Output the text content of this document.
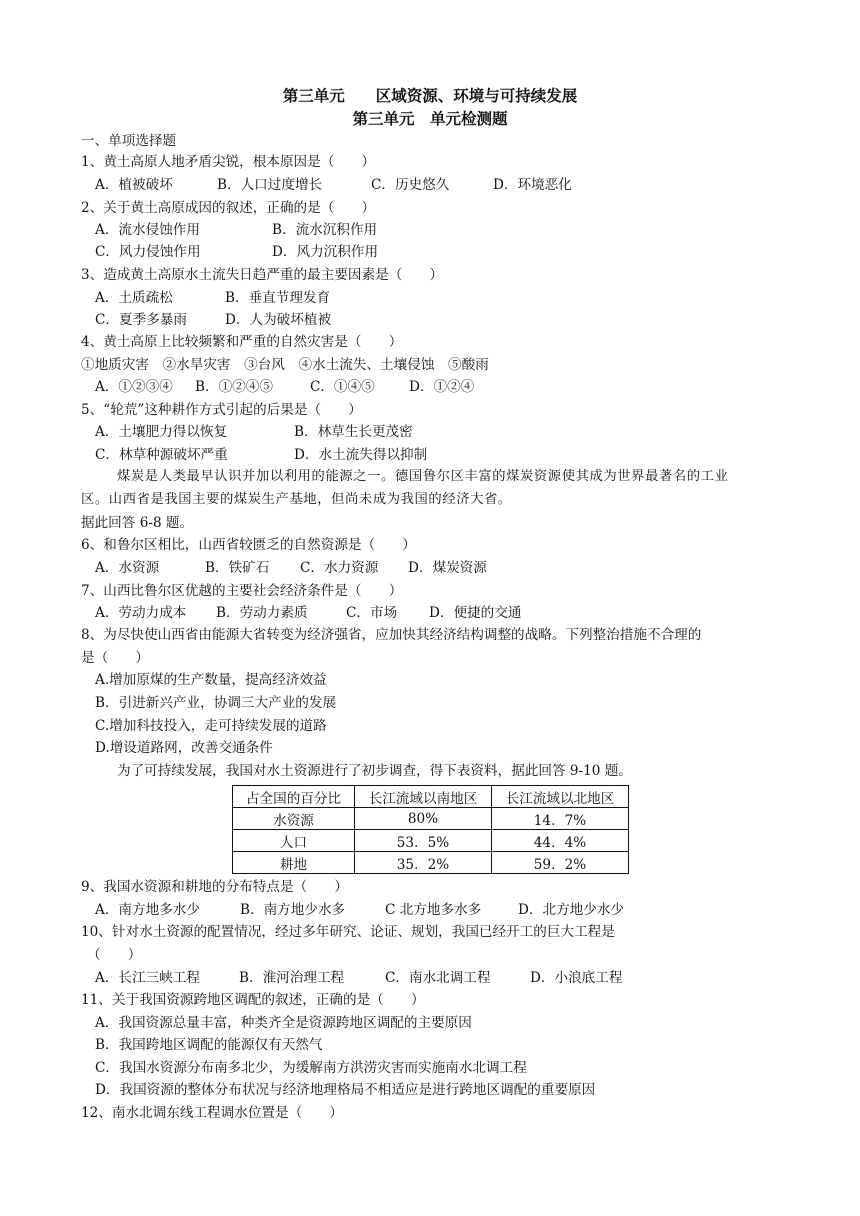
第三单元　　区域资源、环境与可持续发展
第三单元　单元检测题
一、单项选择题
1、黄土高原人地矛盾尖锐，根本原因是（　　）
A．植被破坏	B．人口过度增长	C．历史悠久	D．环境恶化
2、关于黄土高原成因的叙述，正确的是（　　）
A．流水侵蚀作用	B．流水沉积作用
C．风力侵蚀作用	D．风力沉积作用
3、造成黄土高原水土流失日趋严重的最主要因素是（　　）
A．土质疏松	B．垂直节理发育
C．夏季多暴雨	D．人为破坏植被
4、黄土高原上比较频繁和严重的自然灾害是（　　）
①地质灾害　②水旱灾害　③台风　④水土流失、土壤侵蚀　⑤酸雨
A．①②③④ B．①②④⑤	C．①④⑤	D．①②④
5、“轮荒”这种耕作方式引起的后果是（　　）
A．土壤肥力得以恢复	B．林草生长更茂密
C．林草种源破坏严重	D．水土流失得以抑制
煤炭是人类最早认识并加以利用的能源之一。德国鲁尔区丰富的煤炭资源使其成为世界最著名的工业
区。山西省是我国主要的煤炭生产基地，但尚未成为我国的经济大省。
据此回答 6-8 题。
6、和鲁尔区相比，山西省较匮乏的自然资源是（　　）
A．水资源	B．铁矿石 C．水力资源 D．煤炭资源
7、山西比鲁尔区优越的主要社会经济条件是（　　）
A．劳动力成本 B．劳动力素质	C．市场 D．便捷的交通
8、为尽快使山西省由能源大省转变为经济强省，应加快其经济结构调整的战略。下列整治措施不合理的
是（　　）
A.增加原煤的生产数量，提高经济效益
B．引进新兴产业，协调三大产业的发展
C.增加科技投入，走可持续发展的道路
D.增设道路网，改善交通条件
为了可持续发展，我国对水土资源进行了初步调查，得下表资料，据此回答 9-10 题。
占全国的百分比	长江流域以南地区	长江流域以北地区
水资源	80%	14．7%
人口	53．5%	44．4%
耕地	35．2%	59．2%
9、我国水资源和耕地的分布特点是（　　）
A．南方地多水少	B．南方地少水多	C 北方地多水多	D．北方地少水少
10、针对水土资源的配置情况，经过多年研究、论证、规划，我国已经开工的巨大工程是
（　　）
A．长江三峡工程	B．淮河治理工程	C．南水北调工程	D．小浪底工程
11、关于我国资源跨地区调配的叙述，正确的是（　　）
A．我国资源总量丰富，种类齐全是资源跨地区调配的主要原因
B．我国跨地区调配的能源仅有天然气
C．我国水资源分布南多北少，为缓解南方洪涝灾害而实施南水北调工程
D．我国资源的整体分布状况与经济地理格局不相适应是进行跨地区调配的重要原因
12、南水北调东线工程调水位置是（　　）
